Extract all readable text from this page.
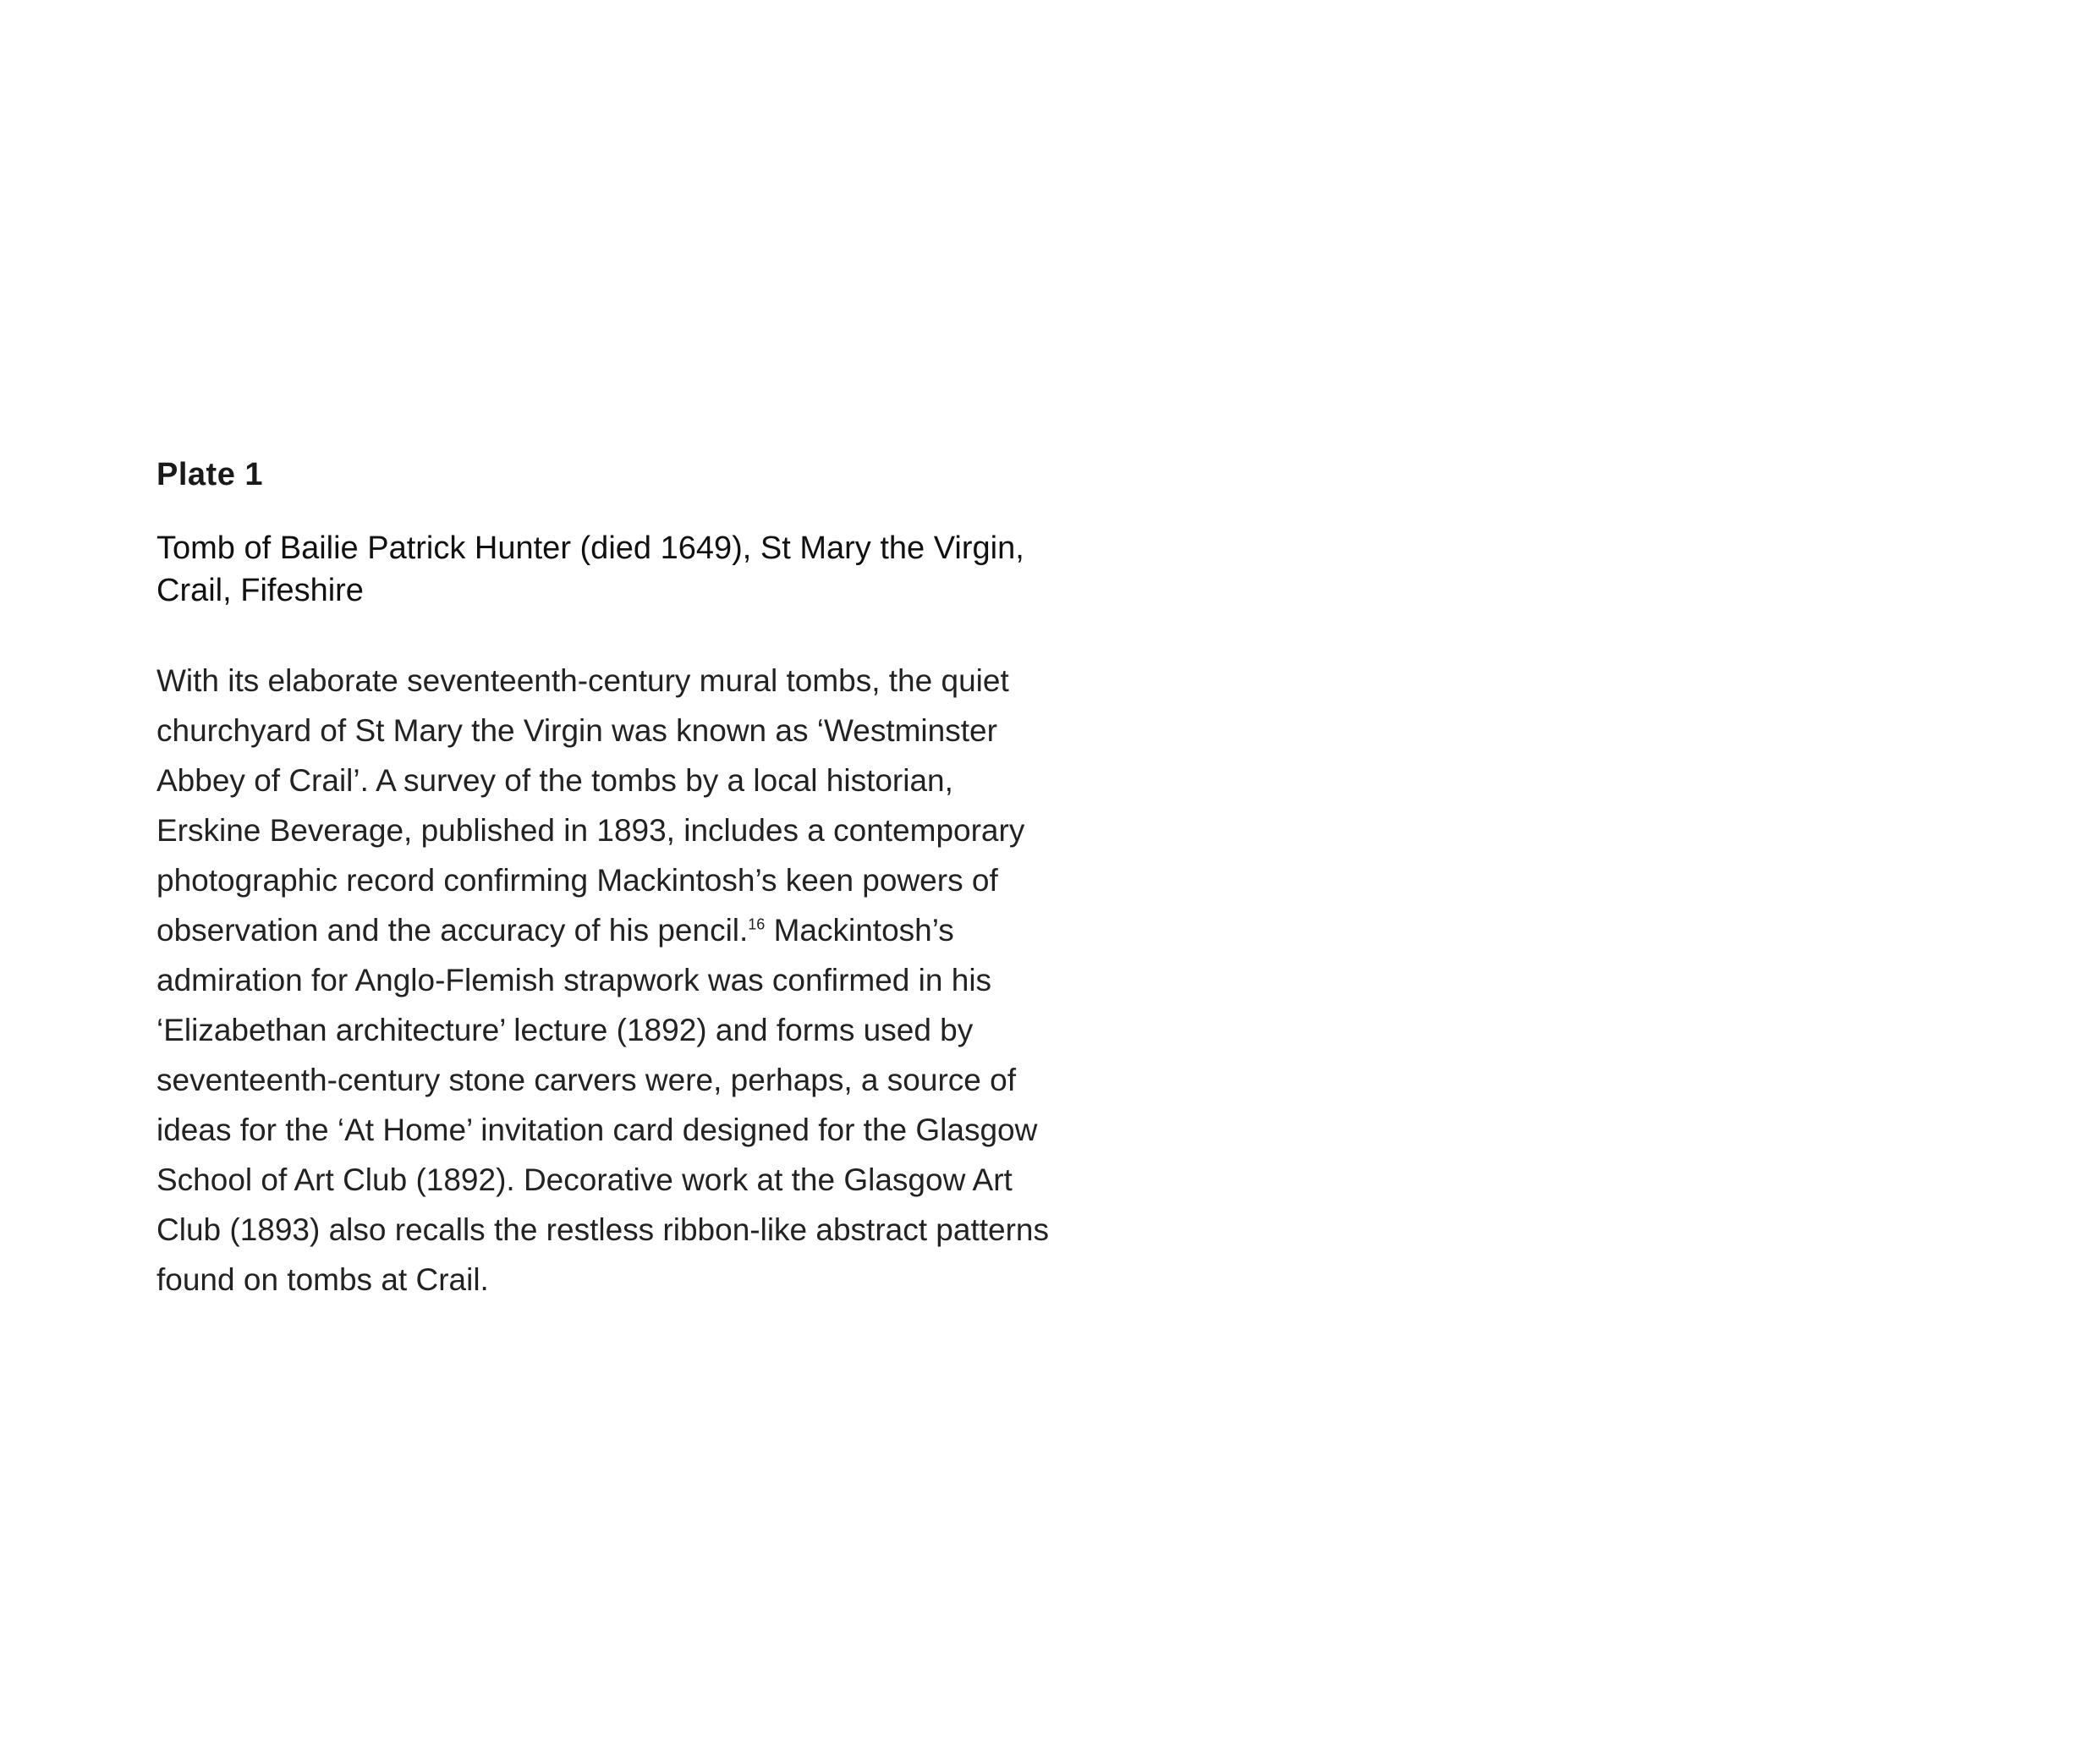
Plate 1
Tomb of Bailie Patrick Hunter (died 1649), St Mary the Virgin, Crail, Fifeshire

With its elaborate seventeenth-century mural tombs, the quiet churchyard of St Mary the Virgin was known as ‘Westminster Abbey of Crail’. A survey of the tombs by a local historian, Erskine Beverage, published in 1893, includes a contemporary photographic record confirming Mackintosh’s keen powers of observation and the accuracy of his pencil.$^{16}$ Mackintosh’s admiration for Anglo-Flemish strapwork was confirmed in his ‘Elizabethan architecture’ lecture (1892) and forms used by seventeenth-century stone carvers were, perhaps, a source of ideas for the ‘At Home’ invitation card designed for the Glasgow School of Art Club (1892). Decorative work at the Glasgow Art Club (1893) also recalls the restless ribbon-like abstract patterns found on tombs at Crail.
